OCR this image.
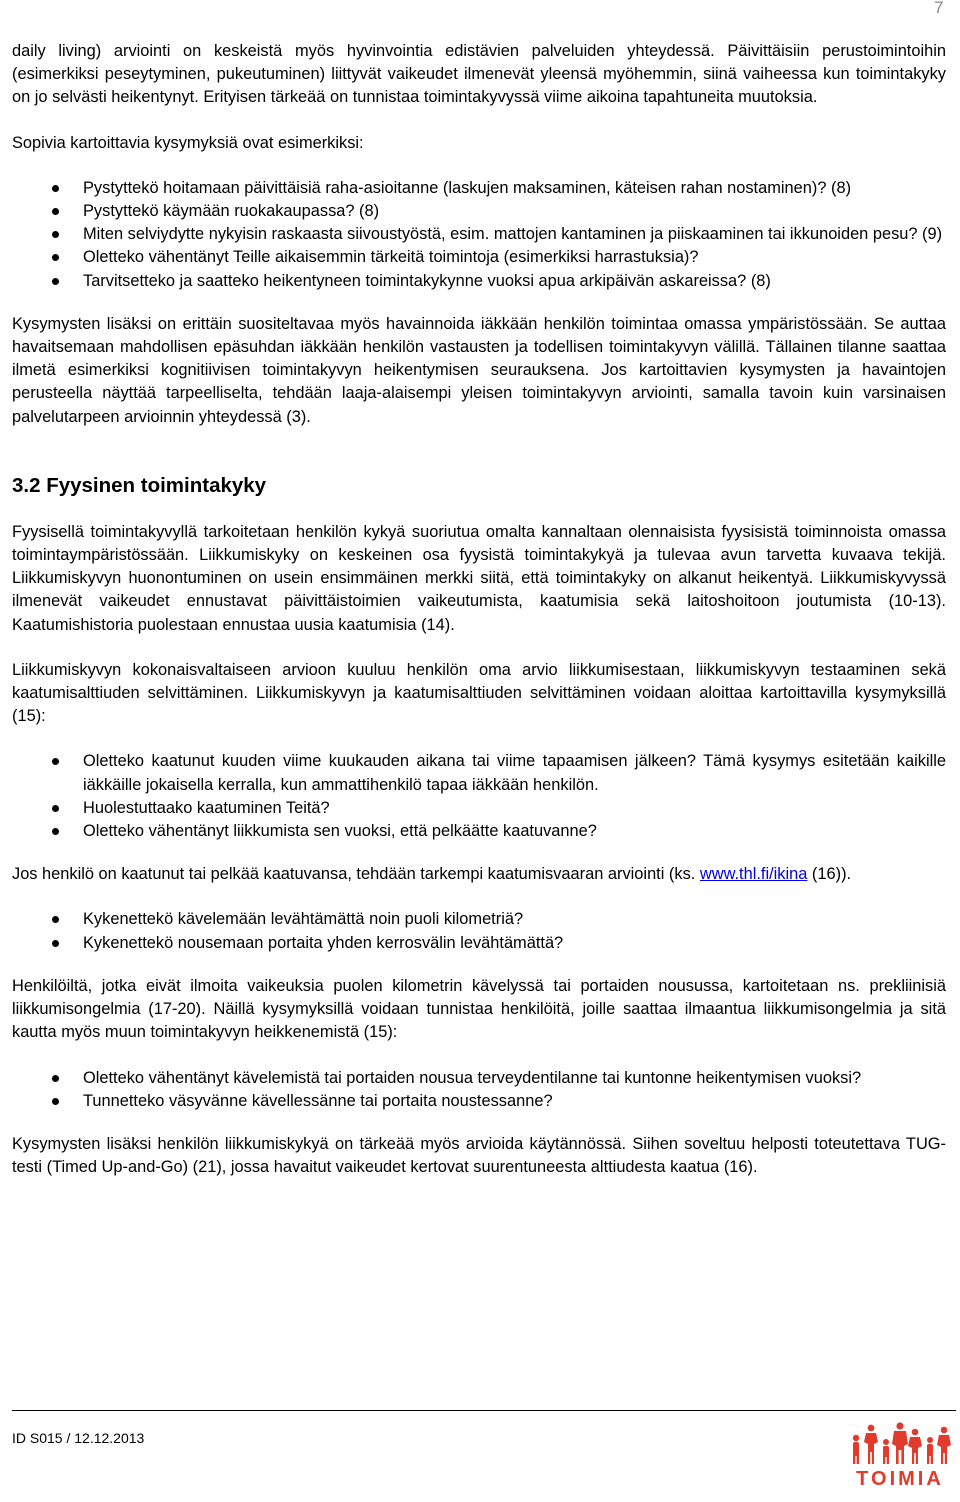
7

daily living) arviointi on keskeistä myös hyvinvointia edistävien palveluiden yhteydessä. Päivittäisiin perustoimintoihin (esimerkiksi peseytyminen, pukeutuminen) liittyvät vaikeudet ilmenevät yleensä myöhemmin, siinä vaiheessa kun toimintakyky on jo selvästi heikentynyt. Erityisen tärkeää on tunnistaa toimintakyvyssä viime aikoina tapahtuneita muutoksia.

Sopivia kartoittavia kysymyksiä ovat esimerkiksi:

Pystyttekö hoitamaan päivittäisiä raha-asioitanne (laskujen maksaminen, käteisen rahan nostaminen)? (8)
Pystyttekö käymään ruokakaupassa? (8)
Miten selviydytte nykyisin raskaasta siivoustyöstä, esim. mattojen kantaminen ja piiskaaminen tai ikkunoiden pesu? (9)
Oletteko vähentänyt Teille aikaisemmin tärkeitä toimintoja (esimerkiksi harrastuksia)?
Tarvitsetteko ja saatteko heikentyneen toimintakykynne vuoksi apua arkipäivän askareissa? (8)

Kysymysten lisäksi on erittäin suositeltavaa myös havainnoida iäkkään henkilön toimintaa omassa ympäristössään. Se auttaa havaitsemaan mahdollisen epäsuhdan iäkkään henkilön vastausten ja todellisen toimintakyvyn välillä. Tällainen tilanne saattaa ilmetä esimerkiksi kognitiivisen toimintakyvyn heikentymisen seurauksena. Jos kartoittavien kysymysten ja havaintojen perusteella näyttää tarpeelliselta, tehdään laaja-alaisempi yleisen toimintakyvyn arviointi, samalla tavoin kuin varsinaisen palvelutarpeen arvioinnin yhteydessä (3).

3.2 Fyysinen toimintakyky

Fyysisellä toimintakyvyllä tarkoitetaan henkilön kykyä suoriutua omalta kannaltaan olennaisista fyysisistä toiminnoista omassa toimintaympäristössään. Liikkumiskyky on keskeinen osa fyysistä toimintakykyä ja tulevaa avun tarvetta kuvaava tekijä. Liikkumiskyvyn huonontuminen on usein ensimmäinen merkki siitä, että toimintakyky on alkanut heikentyä. Liikkumiskyvyssä ilmenevät vaikeudet ennustavat päivittäistoimien vaikeutumista, kaatumisia sekä laitoshoitoon joutumista (10-13). Kaatumishistoria puolestaan ennustaa uusia kaatumisia (14).

Liikkumiskyvyn kokonaisvaltaiseen arvioon kuuluu henkilön oma arvio liikkumisestaan, liikkumiskyvyn testaaminen sekä kaatumisalttiuden selvittäminen. Liikkumiskyvyn ja kaatumisalttiuden selvittäminen voidaan aloittaa kartoittavilla kysymyksillä (15):

Oletteko kaatunut kuuden viime kuukauden aikana tai viime tapaamisen jälkeen? Tämä kysymys esitetään kaikille iäkkäille jokaisella kerralla, kun ammattihenkilö tapaa iäkkään henkilön.
Huolestuttaako kaatuminen Teitä?
Oletteko vähentänyt liikkumista sen vuoksi, että pelkäätte kaatuvanne?

Jos henkilö on kaatunut tai pelkää kaatuvansa, tehdään tarkempi kaatumisvaaran arviointi (ks. www.thl.fi/ikina (16)).

Kykenettekö kävelemään levähtämättä noin puoli kilometriä?
Kykenettekö nousemaan portaita yhden kerrosvälin levähtämättä?

Henkilöiltä, jotka eivät ilmoita vaikeuksia puolen kilometrin kävelyssä tai portaiden nousussa, kartoitetaan ns. prekliinisiä liikkumisongelmia (17-20). Näillä kysymyksillä voidaan tunnistaa henkilöitä, joille saattaa ilmaantua liikkumisongelmia ja sitä kautta myös muun toimintakyvyn heikkenemistä (15):

Oletteko vähentänyt kävelemistä tai portaiden nousua terveydentilanne tai kuntonne heikentymisen vuoksi?
Tunnetteko väsyvänne kävellessänne tai portaita noustessanne?

Kysymysten lisäksi henkilön liikkumiskykyä on tärkeää myös arvioida käytännössä. Siihen soveltuu helposti toteutettava TUG-testi (Timed Up-and-Go) (21), jossa havaitut vaikeudet kertovat suurentuneesta alttiudesta kaatua (16).

ID S015 / 12.12.2013
TOIMIA
